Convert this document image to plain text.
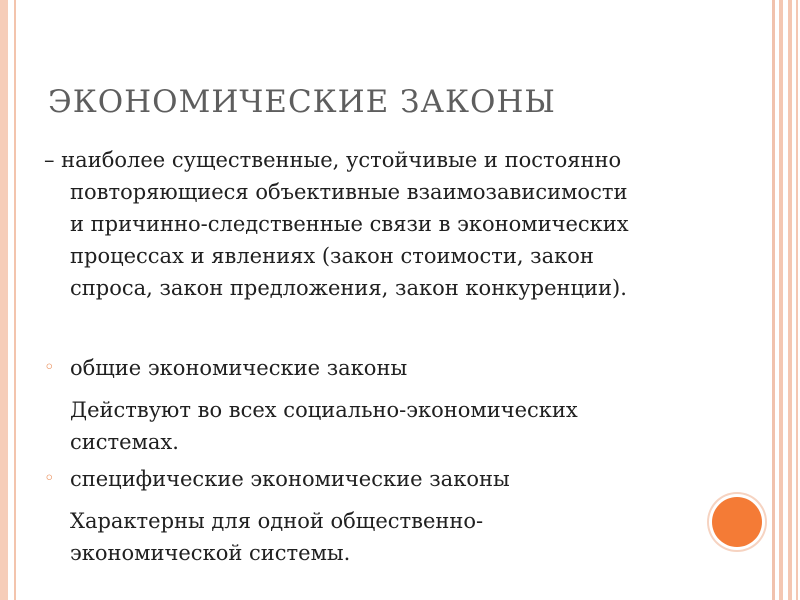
ЭКОНОМИЧЕСКИЕ ЗАКОНЫ
– наиболее существенные, устойчивые и постоянно
повторяющиеся объективные взаимозависимости
и причинно-следственные связи в экономических
процессах и явлениях (закон стоимости, закон
спроса, закон предложения, закон конкуренции).
◦ общие экономические законы
Действуют во всех социально-экономических
системах.
◦ специфические экономические законы
Характерны для одной общественно-
экономической системы.
